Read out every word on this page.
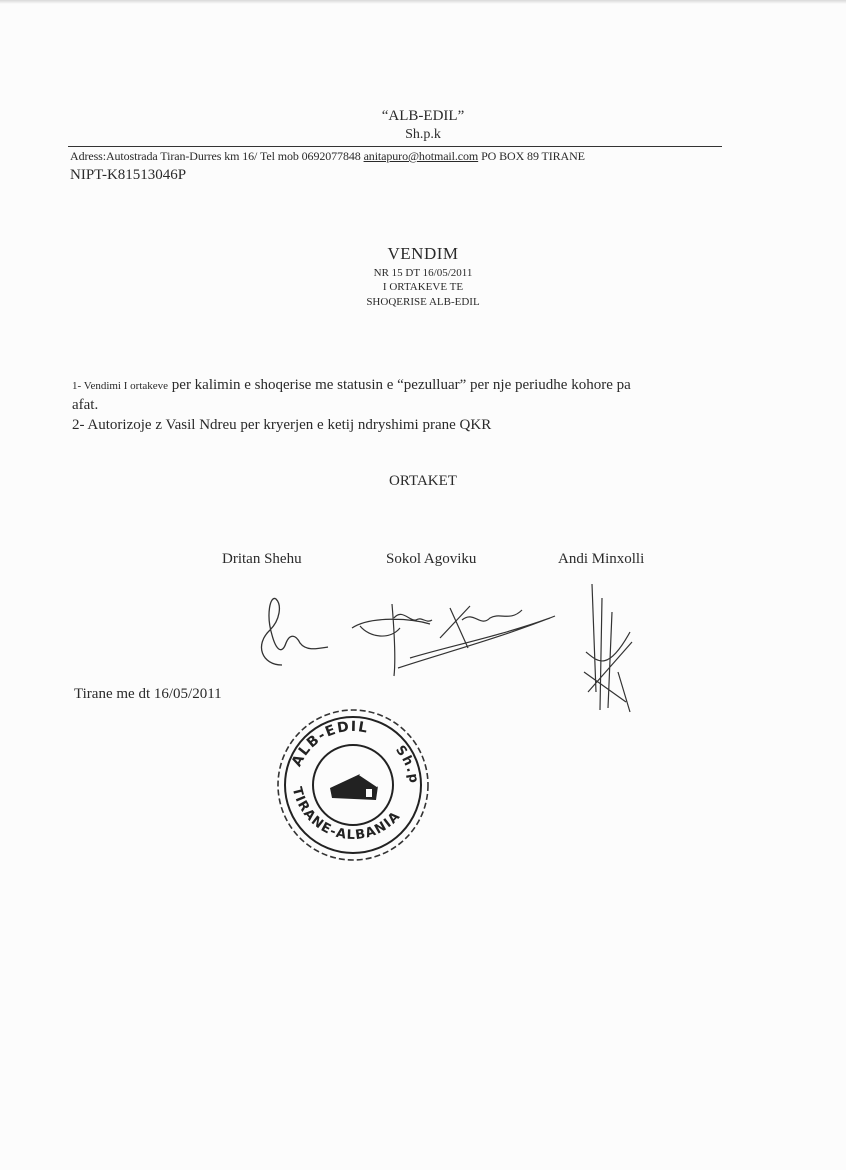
“ALB-EDIL”
Sh.p.k
Adress:Autostrada Tiran-Durres km 16/ Tel mob 0692077848 anitapuro@hotmail.com PO BOX 89 TIRANE
NIPT-K81513046P
VENDIM
NR 15 DT 16/05/2011
I ORTAKEVE TE
SHOQERISE ALB-EDIL
1- Vendimi I ortakeve per kalimin e shoqerise me statusin e “pezulluar” per nje periudhe kohore pa
afat.
2- Autorizoje z Vasil Ndreu per kryerjen e ketij ndryshimi prane QKR
ORTAKET
Dritan Shehu	Sokol Agoviku	Andi Minxolli
Tirane me dt 16/05/2011
ALB-EDIL
Sh.p.k
TIRANE-ALBANIA
